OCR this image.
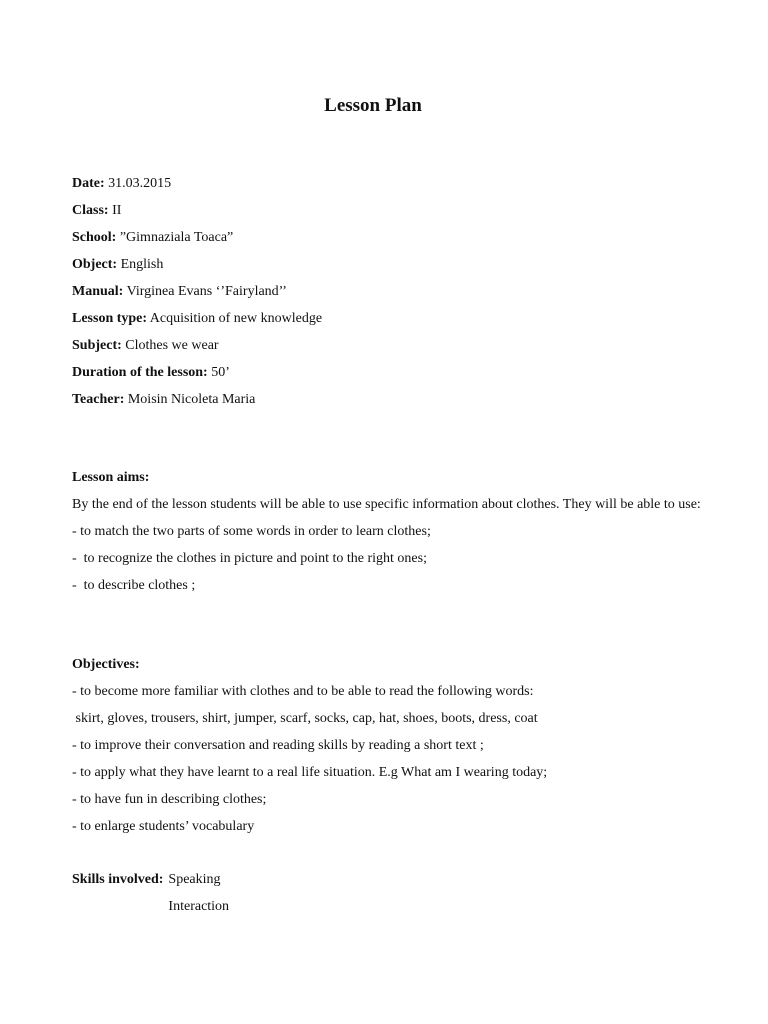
Lesson Plan
Date: 31.03.2015
Class: II
School: ”Gimnaziala Toaca”
Object: English
Manual: Virginea Evans ‘’Fairyland’’
Lesson type: Acquisition of new knowledge
Subject: Clothes we wear
Duration of the lesson: 50’
Teacher: Moisin Nicoleta Maria
Lesson aims:
By the end of the lesson students will be able to use specific information about clothes. They will be able to use:
- to match the two parts of some words in order to learn clothes;
-  to recognize the clothes in picture and point to the right ones;
-  to describe clothes ;
Objectives:
- to become more familiar with clothes and to be able to read the following words:
skirt, gloves, trousers, shirt, jumper, scarf, socks, cap, hat, shoes, boots, dress, coat
- to improve their conversation and reading skills by reading a short text ;
- to apply what they have learnt to a real life situation. E.g What am I wearing today;
- to have fun in describing clothes;
- to enlarge students’ vocabulary
Skills involved: Speaking
Interaction
